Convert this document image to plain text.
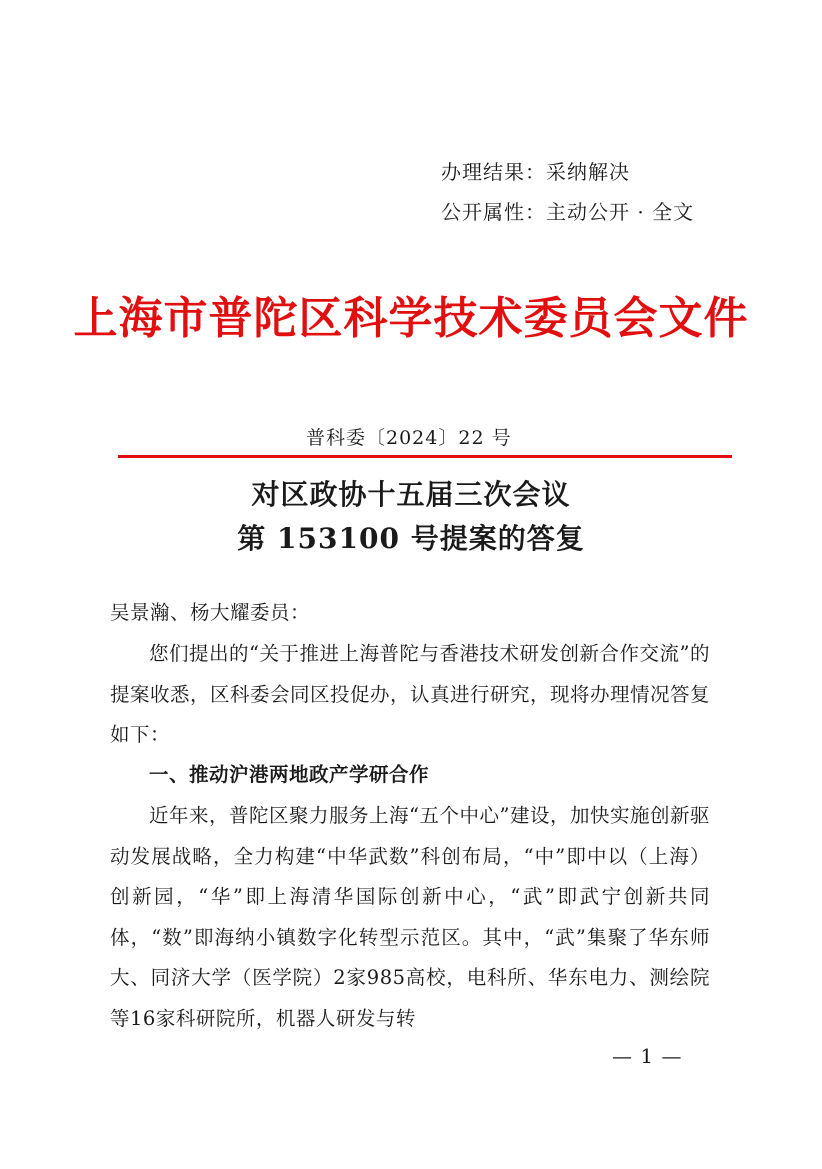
办理结果：采纳解决
公开属性：主动公开 · 全文
上海市普陀区科学技术委员会文件
普科委〔2024〕22 号
对区政协十五届三次会议
第 153100 号提案的答复

吴景瀚、杨大耀委员：

您们提出的“关于推进上海普陀与香港技术研发创新合作交流”的提案收悉，区科委会同区投促办，认真进行研究，现将办理情况答复如下：

一、推动沪港两地政产学研合作

近年来，普陀区聚力服务上海“五个中心”建设，加快实施创新驱动发展战略，全力构建“中华武数”科创布局，“中”即中以（上海）创新园，“华”即上海清华国际创新中心，“武”即武宁创新共同体，“数”即海纳小镇数字化转型示范区。其中，“武”集聚了华东师大、同济大学（医学院）2家985高校，电科所、华东电力、测绘院等16家科研院所，机器人研发与转

— 1 —
